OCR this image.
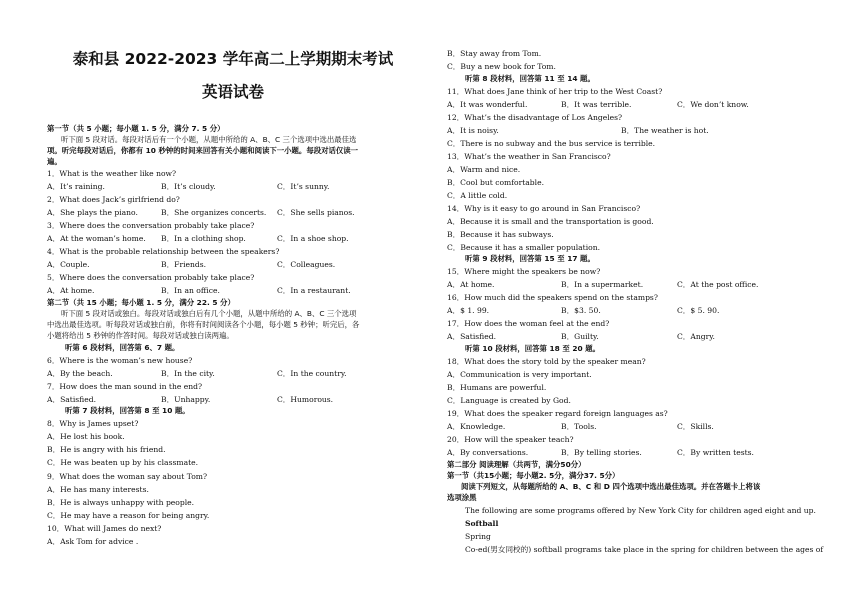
泰和县 2022-2023 学年高二上学期期末考试
英语试卷
第一节（共 5 小题；每小题 1. 5 分，满分 7. 5 分）
听下面 5 段对话。每段对话后有一个小题，从题中所给的 A、B、C 三个选项中选出最佳选
项。听完每段对话后，你都有 10 秒钟的时间来回答有关小题和阅读下一小题。每段对话仅读一
遍。
1．What is the weather like now?
A．It’s raining.	B．It’s cloudy.	C．It’s sunny.
2．What does Jack’s girlfriend do?
A．She plays the piano.	B．She organizes concerts. C．She sells pianos.
3．Where does the conversation probably take place?
A．At the woman’s home. B．In a clothing shop.	C．In a shoe shop.
4．What is the probable relationship between the speakers?
A．Couple.	B．Friends.	C．Colleagues.
5．Where does the conversation probably take place?
A．At home.	B．In an office.	C．In a restaurant.
第二节（共 15 小题；每小题 1. 5 分，满分 22. 5 分）
听下面 5 段对话或独白。每段对话或独白后有几个小题，从题中所给的 A、B、C 三个选项
中选出最佳选项。听每段对话或独白前，你将有时间阅读各个小题，每小题 5 秒钟；听完后，各
小题将给出 5 秒钟的作答时间。每段对话或独白读两遍。
听第 6 段材料，回答第 6、7 题。
6．Where is the woman’s new house?
A．By the beach.	B．In the city.	C．In the country.
7．How does the man sound in the end?
A．Satisfied.	B．Unhappy.	C．Humorous.
听第 7 段材料，回答第 8 至 10 题。
8．Why is James upset?
A．He lost his book.
B．He is angry with his friend.
C．He was beaten up by his classmate.
9．What does the woman say about Tom?
A．He has many interests.
B．He is always unhappy with people.
C．He may have a reason for being angry.
10．What will James do next?
A．Ask Tom for advice .
B．Stay away from Tom.
C．Buy a new book for Tom.
听第 8 段材料，回答第 11 至 14 题。
11．What does Jane think of her trip to the West Coast?
A．It was wonderful.	B．It was terrible.	C．We don’t know.
12．What’s the disadvantage of Los Angeles?
A．It is noisy.	B．The weather is hot.
C．There is no subway and the bus service is terrible.
13．What’s the weather in San Francisco?
A．Warm and nice.
B．Cool but comfortable.
C．A little cold.
14．Why is it easy to go around in San Francisco?
A．Because it is small and the transportation is good.
B．Because it has subways.
C．Because it has a smaller population.
听第 9 段材料，回答第 15 至 17 题。
15．Where might the speakers be now?
A．At home.	B．In a supermarket.	C．At the post office.
16．How much did the speakers spend on the stamps?
A．$ 1. 99.	B．$3. 50.	C．$ 5. 90.
17．How does the woman feel at the end?
A．Satisfied.	B．Guilty.	C．Angry.
听第 10 段材料，回答第 18 至 20 题。
18．What does the story told by the speaker mean?
A．Communication is very important.
B．Humans are powerful.
C．Language is created by God.
19．What does the speaker regard foreign languages as?
A．Knowledge.	B．Tools.	C．Skills.
20．How will the speaker teach?
A．By conversations.	B．By telling stories.	C．By written tests.
第二部分 阅读理解（共两节，满分50分）
第一节（共15小题；每小题2. 5分，满分37. 5分）
阅读下列短文，从每题所给的 A、B、C 和 D 四个选项中选出最佳选项。并在答题卡上将该
选项涂黑
The following are some programs offered by New York City for children aged eight and up.
Softball
Spring
Co-ed(男女同校的) softball programs take place in the spring for children between the ages of
